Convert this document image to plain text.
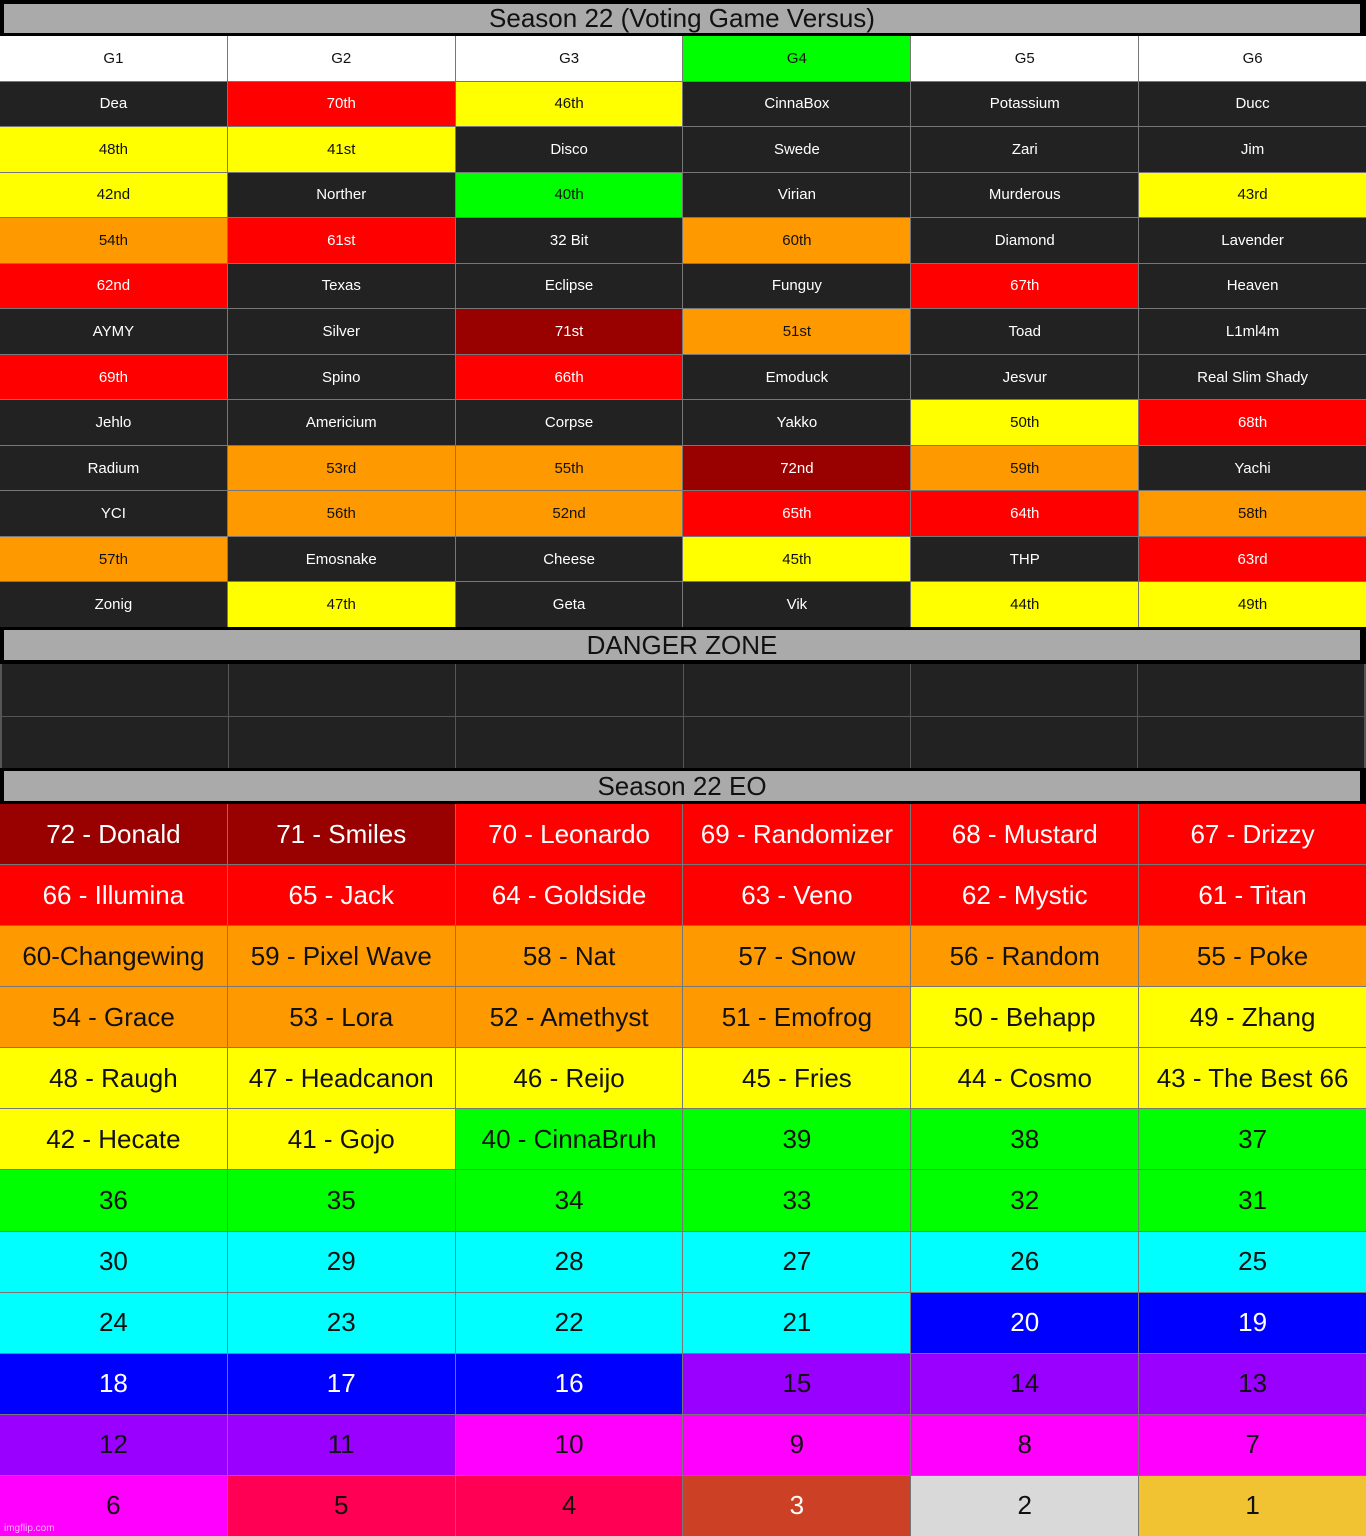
Season 22 (Voting Game Versus)
G1	G2	G3	G4	G5	G6
Dea	70th	46th	CinnaBox	Potassium	Ducc
48th	41st	Disco	Swede	Zari	Jim
42nd	Norther	40th	Virian	Murderous	43rd
54th	61st	32 Bit	60th	Diamond	Lavender
62nd	Texas	Eclipse	Funguy	67th	Heaven
AYMY	Silver	71st	51st	Toad	L1ml4m
69th	Spino	66th	Emoduck	Jesvur	Real Slim Shady
Jehlo	Americium	Corpse	Yakko	50th	68th
Radium	53rd	55th	72nd	59th	Yachi
YCI	56th	52nd	65th	64th	58th
57th	Emosnake	Cheese	45th	THP	63rd
Zonig	47th	Geta	Vik	44th	49th
DANGER ZONE
Season 22 EO
72 - Donald	71 - Smiles	70 - Leonardo	69 - Randomizer	68 - Mustard	67 - Drizzy
66 - Illumina	65 - Jack	64 - Goldside	63 - Veno	62 - Mystic	61 - Titan
60-Changewing	59 - Pixel Wave	58 - Nat	57 - Snow	56 - Random	55 - Poke
54 - Grace	53 - Lora	52 - Amethyst	51 - Emofrog	50 - Behapp	49 - Zhang
48 - Raugh	47 - Headcanon	46 - Reijo	45 - Fries	44 - Cosmo	43 - The Best 66
42 - Hecate	41 - Gojo	40 - CinnaBruh	39	38	37
36	35	34	33	32	31
30	29	28	27	26	25
24	23	22	21	20	19
18	17	16	15	14	13
12	11	10	9	8	7
6	5	4	3	2	1
imgflip.com
